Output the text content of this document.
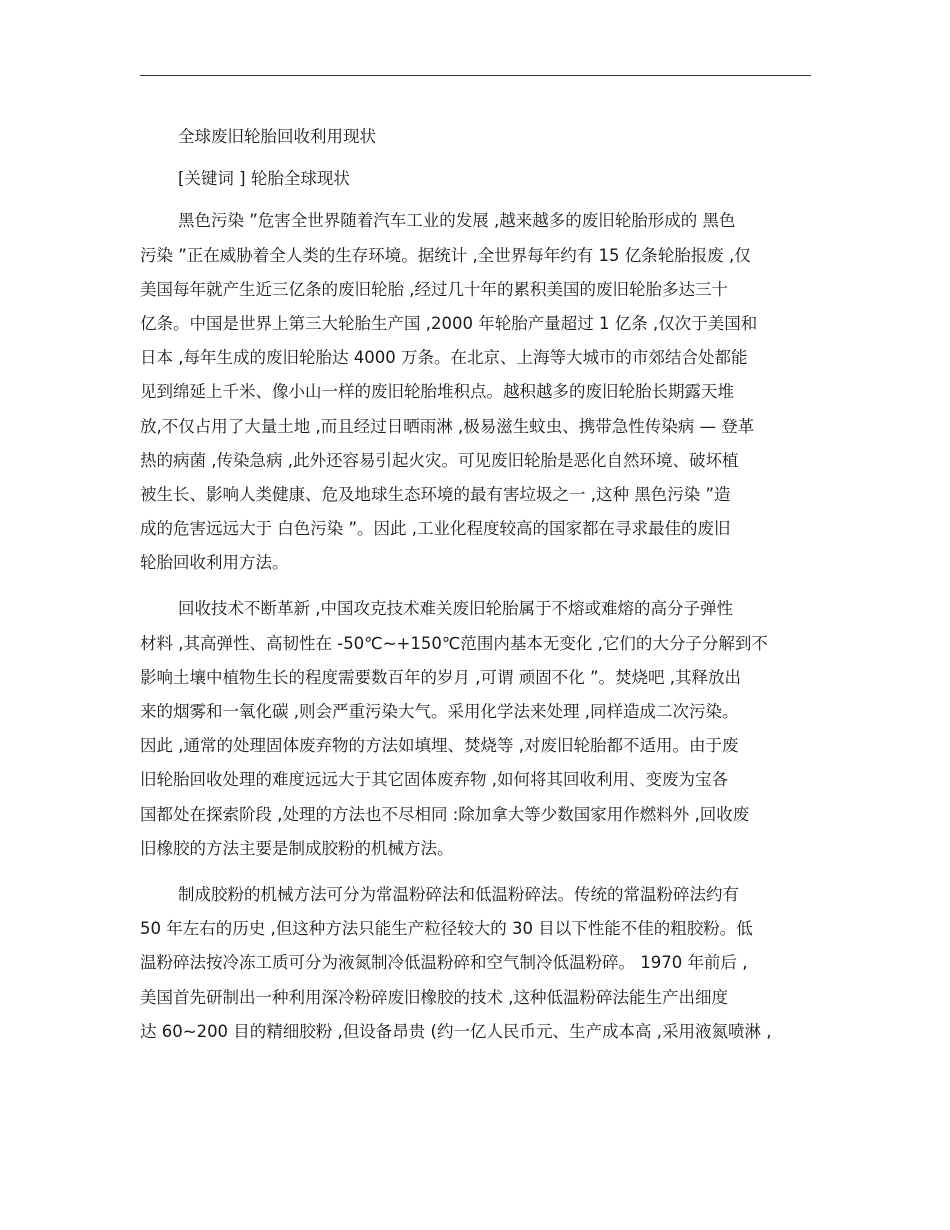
全球废旧轮胎回收利用现状
[关键词 ] 轮胎全球现状
黑色污染 ”危害全世界随着汽车工业的发展 ,越来越多的废旧轮胎形成的 黑色
污染 ”正在威胁着全人类的生存环境。据统计 ,全世界每年约有 15 亿条轮胎报废 ,仅
美国每年就产生近三亿条的废旧轮胎 ,经过几十年的累积美国的废旧轮胎多达三十
亿条。中国是世界上第三大轮胎生产国 ,2000 年轮胎产量超过 1 亿条 ,仅次于美国和
日本 ,每年生成的废旧轮胎达 4000 万条。在北京、上海等大城市的市郊结合处都能
见到绵延上千米、像小山一样的废旧轮胎堆积点。越积越多的废旧轮胎长期露天堆
放,不仅占用了大量土地 ,而且经过日晒雨淋 ,极易滋生蚊虫、携带急性传染病 — 登革
热的病菌 ,传染急病 ,此外还容易引起火灾。可见废旧轮胎是恶化自然环境、破坏植
被生长、影响人类健康、危及地球生态环境的最有害垃圾之一 ,这种 黑色污染 ”造
成的危害远远大于 白色污染 ”。因此 ,工业化程度较高的国家都在寻求最佳的废旧
轮胎回收利用方法。
回收技术不断革新 ,中国攻克技术难关废旧轮胎属于不熔或难熔的高分子弹性
材料 ,其高弹性、高韧性在 -50℃~+150℃范围内基本无变化 ,它们的大分子分解到不
影响土壤中植物生长的程度需要数百年的岁月 ,可谓 顽固不化 ”。焚烧吧 ,其释放出
来的烟雾和一氧化碳 ,则会严重污染大气。采用化学法来处理 ,同样造成二次污染。
因此 ,通常的处理固体废弃物的方法如填埋、焚烧等 ,对废旧轮胎都不适用。由于废
旧轮胎回收处理的难度远远大于其它固体废弃物 ,如何将其回收利用、变废为宝各
国都处在探索阶段 ,处理的方法也不尽相同 :除加拿大等少数国家用作燃料外 ,回收废
旧橡胶的方法主要是制成胶粉的机械方法。
制成胶粉的机械方法可分为常温粉碎法和低温粉碎法。传统的常温粉碎法约有
50 年左右的历史 ,但这种方法只能生产粒径较大的 30 目以下性能不佳的粗胶粉。低
温粉碎法按冷冻工质可分为液氮制冷低温粉碎和空气制冷低温粉碎。 1970 年前后 ,
美国首先研制出一种利用深冷粉碎废旧橡胶的技术 ,这种低温粉碎法能生产出细度
达 60~200 目的精细胶粉 ,但设备昂贵 (约一亿人民币元、生产成本高 ,采用液氮喷淋 ,
